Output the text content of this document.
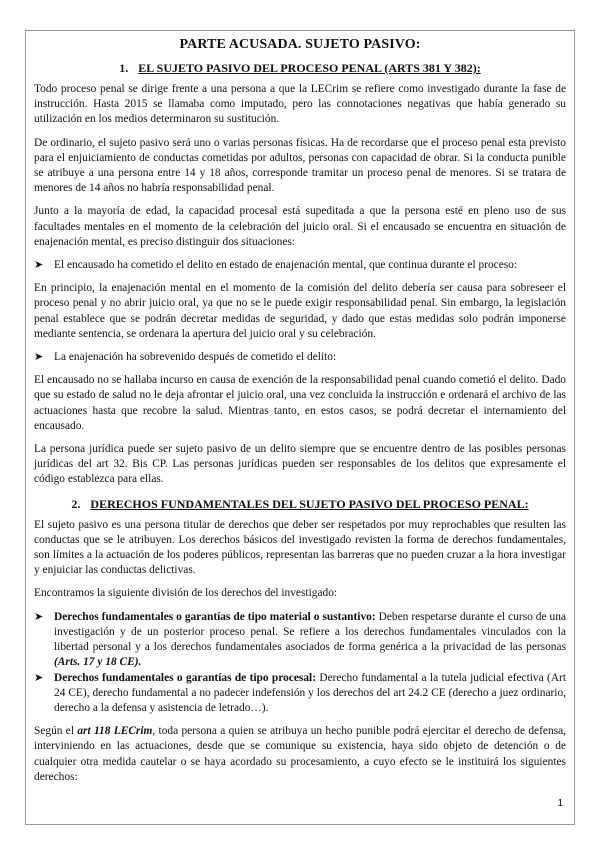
PARTE ACUSADA. SUJETO PASIVO:
1. EL SUJETO PASIVO DEL PROCESO PENAL (ARTS 381 Y 382):

Todo proceso penal se dirige frente a una persona a que la LECrim se refiere como investigado durante la fase de instrucción. Hasta 2015 se llamaba como imputado, pero las connotaciones negativas que había generado su utilización en los medios determinaron su sustitución.

De ordinario, el sujeto pasivo será uno o varias personas físicas. Ha de recordarse que el proceso penal esta previsto para el enjuiciamiento de conductas cometidas por adultos, personas con capacidad de obrar. Si la conducta punible se atribuye a una persona entre 14 y 18 años, corresponde tramitar un proceso penal de menores. Si se tratara de menores de 14 años no habría responsabilidad penal.

Junto a la mayoría de edad, la capacidad procesal está supeditada a que la persona esté en pleno uso de sus facultades mentales en el momento de la celebración del juicio oral. Si el encausado se encuentra en situación de enajenación mental, es preciso distinguir dos situaciones:

➤ El encausado ha cometido el delito en estado de enajenación mental, que continua durante el proceso:

En principio, la enajenación mental en el momento de la comisión del delito debería ser causa para sobreseer el proceso penal y no abrir juicio oral, ya que no se le puede exigir responsabilidad penal. Sin embargo, la legislación penal establece que se podrán decretar medidas de seguridad, y dado que estas medidas solo podrán imponerse mediante sentencia, se ordenara la apertura del juicio oral y su celebración.

➤ La enajenación ha sobrevenido después de cometido el delito:

El encausado no se hallaba incurso en causa de exención de la responsabilidad penal cuando cometió el delito. Dado que su estado de salud no le deja afrontar el juicio oral, una vez concluida la instrucción e ordenará el archivo de las actuaciones hasta que recobre la salud. Mientras tanto, en estos casos, se podrá decretar el internamiento del encausado.

La persona jurídica puede ser sujeto pasivo de un delito siempre que se encuentre dentro de las posibles personas jurídicas del art 32. Bis CP. Las personas jurídicas pueden ser responsables de los delitos que expresamente el código establezca para ellas.

2. DERECHOS FUNDAMENTALES DEL SUJETO PASIVO DEL PROCESO PENAL:

El sujeto pasivo es una persona titular de derechos que deber ser respetados por muy reprochables que resulten las conductas que se le atribuyen. Los derechos básicos del investigado revisten la forma de derechos fundamentales, son límites a la actuación de los poderes públicos, representan las barreras que no pueden cruzar a la hora investigar y enjuiciar las conductas delictivas.

Encontramos la siguiente división de los derechos del investigado:

➤ Derechos fundamentales o garantías de tipo material o sustantivo: Deben respetarse durante el curso de una investigación y de un posterior proceso penal. Se refiere a los derechos fundamentales vinculados con la libertad personal y a los derechos fundamentales asociados de forma genérica a la privacidad de las personas (Arts. 17 y 18 CE).
➤ Derechos fundamentales o garantías de tipo procesal: Derecho fundamental a la tutela judicial efectiva (Art 24 CE), derecho fundamental a no padecer indefensión y los derechos del art 24.2 CE (derecho a juez ordinario, derecho a la defensa y asistencia de letrado…).

Según el art 118 LECrim, toda persona a quien se atribuya un hecho punible podrá ejercitar el derecho de defensa, interviniendo en las actuaciones, desde que se comunique su existencia, haya sido objeto de detención o de cualquier otra medida cautelar o se haya acordado su procesamiento, a cuyo efecto se le instituirá los siguientes derechos:

1
